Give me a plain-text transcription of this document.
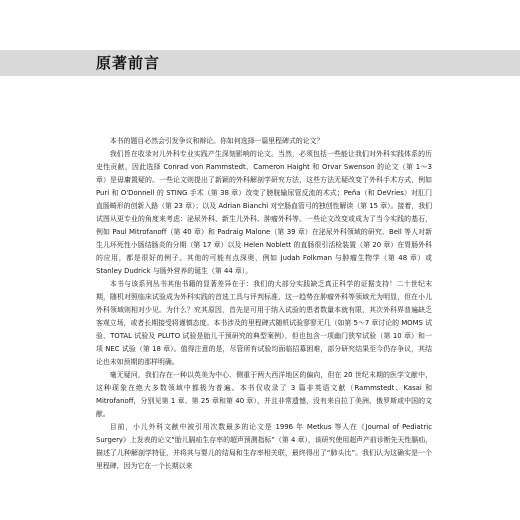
原著前言

本书的题目必然会引发争议和辩论。你如何选择一篇里程碑式的论文？

我们旨在收录对儿外科专业实践产生深刻影响的论文。当然，必须包括一些能让我们对外科实践体系的历史性贡献，因此选择 Conrad von Rammstedt、Cameron Haight 和 Orvar Swenson 的论文（第 1～3 章）是毋庸置疑的。一些论文则提出了新颖的外科解剖学研究方法，这些方法无疑改变了外科手术方式，例如 Puri 和 O'Donnell 的 STING 手术（第 38 章）改变了膀胱输尿管反流的术式；Peña（和 DeVries）对肛门直肠畸形的创新入路（第 23 章）；以及 Adrian Bianchi 对空肠血管弓的独创性解读（第 15 章）。接着，我们试图从更专业的角度来考虑：泌尿外科、新生儿外科、肿瘤外科等。一些论文改变或成为了当今实践的基石，例如 Paul Mitrofanoff（第 40 章）和 Padraig Malone（第 39 章）在泌尿外科领域的研究、Bell 等人对新生儿坏死性小肠结肠炎的分期（第 17 章）以及 Helen Noblett 的直肠很引活检装置（第 20 章）在胃肠外科的应用，都是很好的例子。其他的可能有点深奥，例如 Judah Folkman 与肿瘤生物学（第 48 章）或 Stanley Dudrick 与肠外营养的诞生（第 44 章）。

本书与该系列丛书其他书籍的显著差异在于：我们的大部分实践缺乏真正科学的证据支持！二十世纪末期，随机对照临床试验成为外科实践的首选工具与评判标准，这一趋势在肿瘤外科等领域尤为明显，但在小儿外科领域则相对少见。为什么？究其原因，首先是可用于纳入试验的患者数量本就有限，其次外科界普遍缺乏客观立场，或者长期接受将谨慎态度。本书涉及的里程碑式随机试验寥寥无几（如第 5～7 章讨论的 MOMS 试验、TOTAL 试验及 PLUTO 试验是胎儿干预研究的典型案例），但也包含一项幽门狭窄试验（第 10 章）和一项 NEC 试验（第 18 章）。值得注意的是，尽管所有试验均面临招募困难，部分研究结果至今仍存争议，其结论也未如预期的那样明确。

毫无疑问，我们存在一种以英美为中心、侧重于两大西洋地区的偏向，但在 20 世纪末期的医学文献中，这种现象在绝大多数领域中都极为普遍。本书仅收录了 3 篇非英语文献（Rammstedt、Kasai 和 Mitrofanoff，分别见第 1 章、第 25 章和第 40 章），并且非常遗憾，没有来自拉丁美洲、俄罗斯或中国的文献。

目前，小儿外科文献中被引用次数最多的论文是 1996 年 Metkus 等人在《Journal of Pediatric Surgery》上发表的论文“胎儿膈疝生存率的超声预测指标”（第 4 章），该研究使用超声产前诊断先天性膈疝，描述了儿种解剖学特征，并将其与婴儿的结局和生存率相关联，最终得出了“肺头比”。我们认为这确实是一个里程碑，因为它在一个长期以来
